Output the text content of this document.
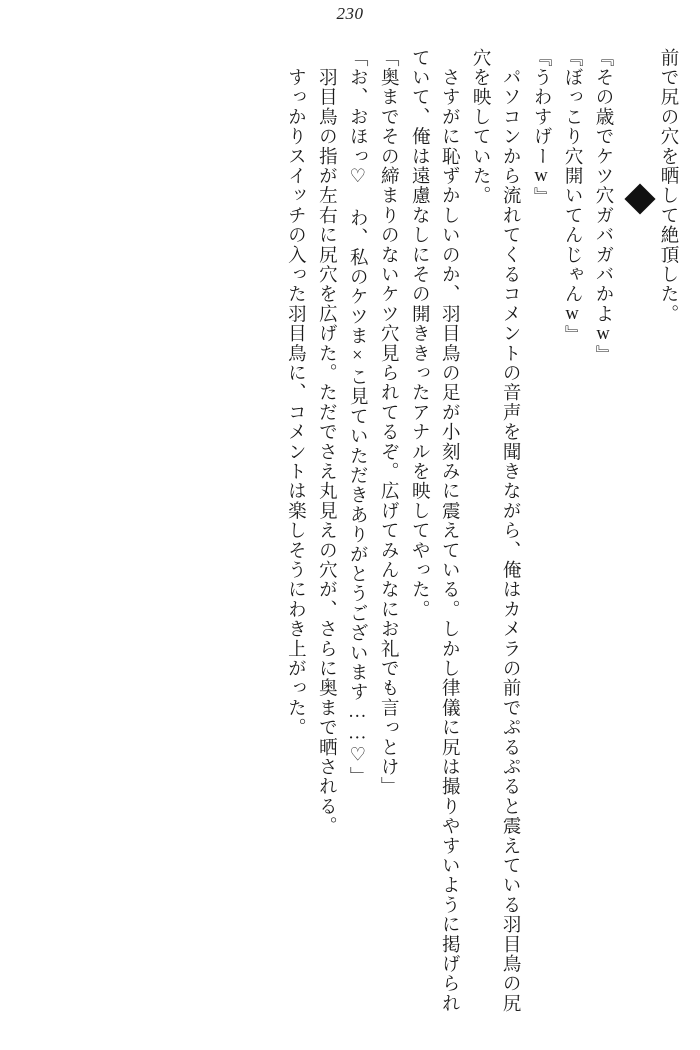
230
前で尻の穴を晒して絶頂した。
『その歳でケツ穴ガバガバかよw』
『ぼっこり穴開いてんじゃんw』
『うわすげーw』
　パソコンから流れてくるコメントの音声を聞きながら、俺はカメラの前でぷるぷると震えている羽目鳥の尻穴を映していた。
　さすがに恥ずかしいのか、羽目鳥の足が小刻みに震えている。しかし律儀に尻は撮りやすいように掲げられていて、俺は遠慮なしにその開ききったアナルを映してやった。
「奥までその締まりのないケツ穴見られてるぞ。広げてみんなにお礼でも言っとけ」
「お、おほっ♡　わ、私のケツま×こ見ていただきありがとうございます……♡」
　羽目鳥の指が左右に尻穴を広げた。ただでさえ丸見えの穴が、さらに奥まで晒される。
　すっかりスイッチの入った羽目鳥に、コメントは楽しそうにわき上がった。
